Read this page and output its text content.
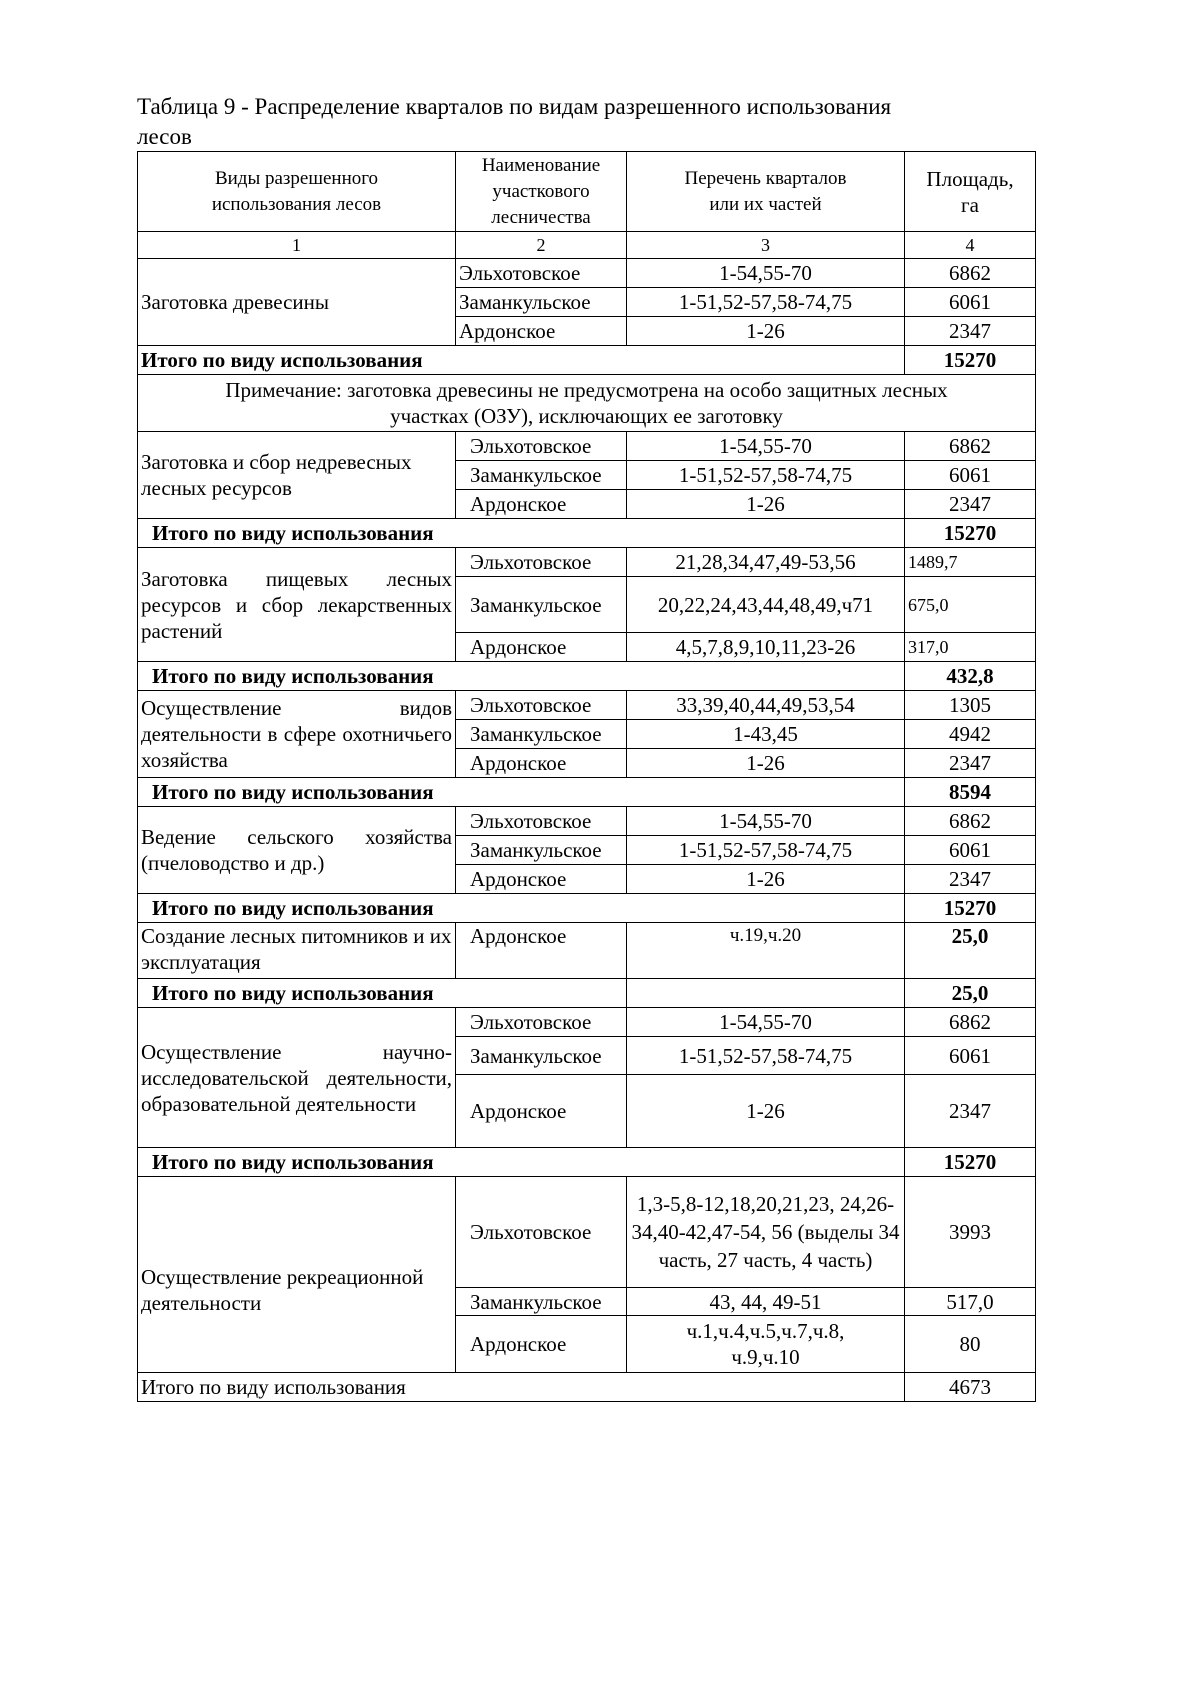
Таблица 9 - Распределение кварталов по видам разрешенного использования
лесов
Виды разрешенного использования лесов	Наименование участкового лесничества	Перечень кварталов или их частей	Площадь, га
1	2	3	4
Заготовка древесины	Эльхотовское	1-54,55-70	6862
	Заманкульское	1-51,52-57,58-74,75	6061
	Ардонское	1-26	2347
Итого по виду использования			15270
Примечание: заготовка древесины не предусмотрена на особо защитных лесных участках (ОЗУ), исключающих ее заготовку			
Заготовка и сбор недревесных лесных ресурсов	Эльхотовское	1-54,55-70	6862
	Заманкульское	1-51,52-57,58-74,75	6061
	Ардонское	1-26	2347
Итого по виду использования			15270
Заготовка пищевых лесных ресурсов и сбор лекарственных растений	Эльхотовское	21,28,34,47,49-53,56	1489,7
	Заманкульское	20,22,24,43,44,48,49,ч71	675,0
	Ардонское	4,5,7,8,9,10,11,23-26	317,0
Итого по виду использования			432,8
Осуществление видов деятельности в сфере охотничьего хозяйства	Эльхотовское	33,39,40,44,49,53,54	1305
	Заманкульское	1-43,45	4942
	Ардонское	1-26	2347
Итого по виду использования			8594
Ведение сельского хозяйства (пчеловодство и др.)	Эльхотовское	1-54,55-70	6862
	Заманкульское	1-51,52-57,58-74,75	6061
	Ардонское	1-26	2347
Итого по виду использования			15270
Создание лесных питомников и их эксплуатация	Ардонское	ч.19,ч.20	25,0
Итого по виду использования			25,0
Осуществление научно-исследовательской деятельности, образовательной деятельности	Эльхотовское	1-54,55-70	6862
	Заманкульское	1-51,52-57,58-74,75	6061
	Ардонское	1-26	2347
Итого по виду использования			15270
Осуществление рекреационной деятельности	Эльхотовское	1,3-5,8-12,18,20,21,23, 24,26-34,40-42,47-54, 56 (выделы 34 часть, 27 часть, 4 часть)	3993
	Заманкульское	43, 44, 49-51	517,0
	Ардонское	ч.1,ч.4,ч.5,ч.7,ч.8, ч.9,ч.10	80
Итого по виду использования			4673
